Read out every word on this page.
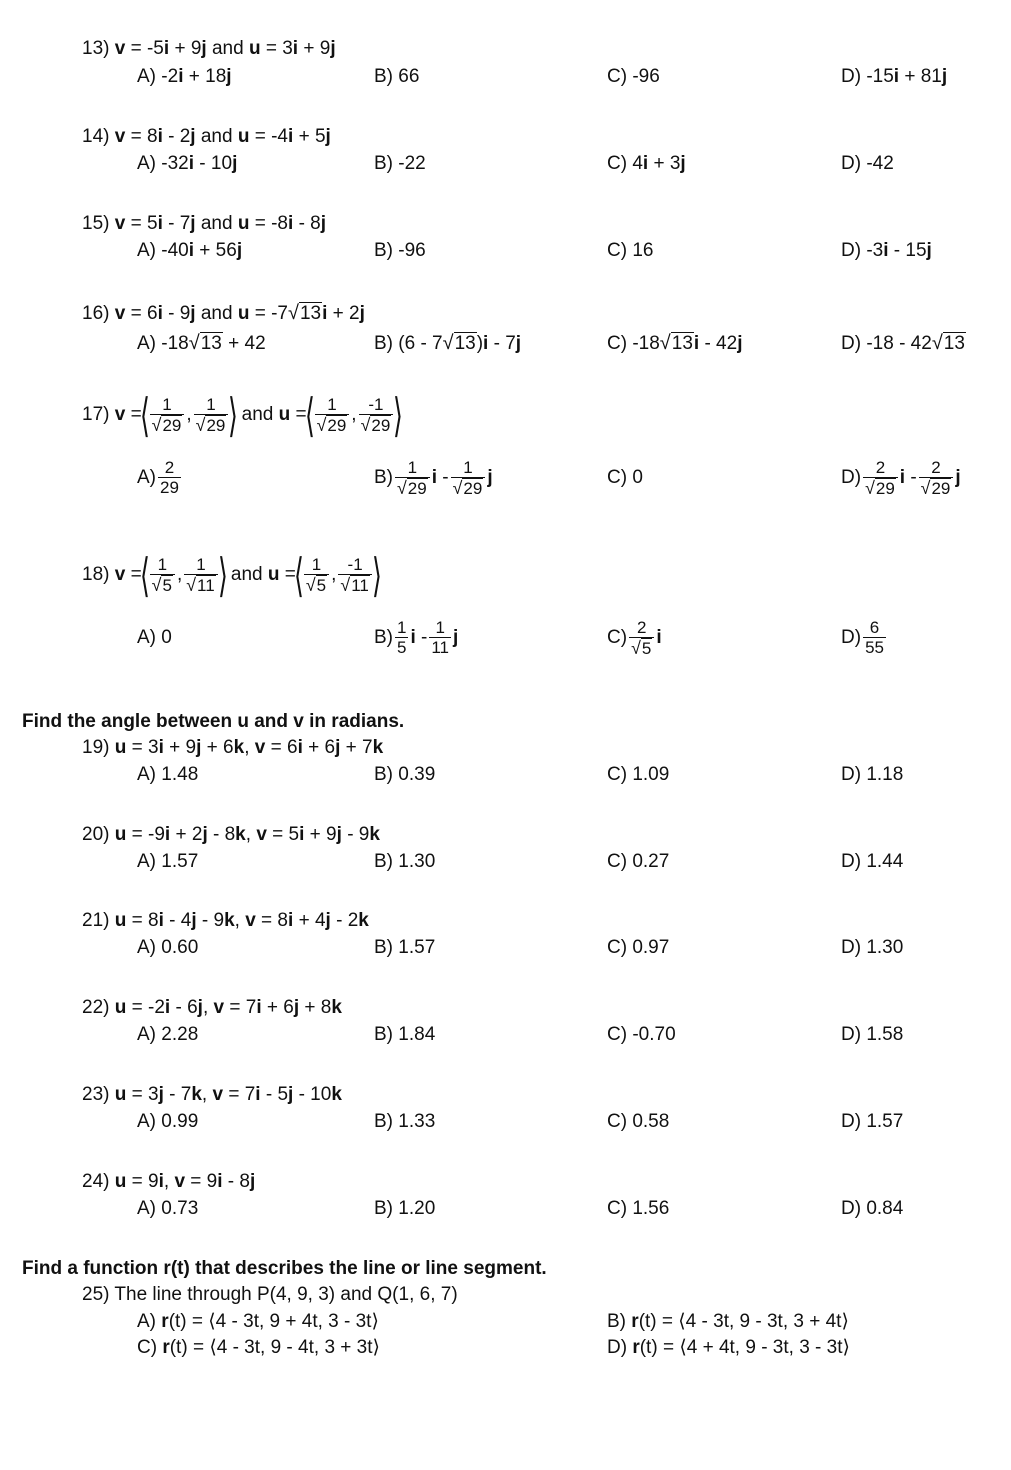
13) v = -5i + 9j and u = 3i + 9j
A) -2i + 18j	B) 66	C) -96	D) -15i + 81j
14) v = 8i - 2j and u = -4i + 5j
A) -32i - 10j	B) -22	C) 4i + 3j	D) -42
15) v = 5i - 7j and u = -8i - 8j
A) -40i + 56j	B) -96	C) 16	D) -3i - 15j
16) v = 6i - 9j and u = -7√13i + 2j
A) -18√13 + 42	B) (6 - 7√13)i - 7j	C) -18√13i - 42j	D) -18 - 42√13
17) v =⟨ $\frac{1}{√29}$ , $\frac{1}{√29}$ ⟩ and u =⟨ $\frac{1}{√29}$ , $\frac{-1}{√29}$ ⟩
$A) \frac{2}{29}$	$B) \frac{1}{√29}$ i - $\frac{1}{√29}$ j	C) 0	$D) \frac{2}{√29}$ i - $\frac{2}{√29}$ j
18) v =⟨ $\frac{1}{√5}$ , $\frac{1}{√11}$ ⟩ and u =⟨ $\frac{1}{√5}$ , $\frac{-1}{√11}$ ⟩
A) 0	$B) \frac{1}{5}$ i - $\frac{1}{11}$ j	$C) \frac{2}{√5}$ i	$D) \frac{6}{55}$
Find the angle between u and v in radians.
19) u = 3i + 9j + 6k, v = 6i + 6j + 7k
A) 1.48	B) 0.39	C) 1.09	D) 1.18
20) u = -9i + 2j - 8k, v = 5i + 9j - 9k
A) 1.57	B) 1.30	C) 0.27	D) 1.44
21) u = 8i - 4j - 9k, v = 8i + 4j - 2k
A) 0.60	B) 1.57	C) 0.97	D) 1.30
22) u = -2i - 6j, v = 7i + 6j + 8k
A) 2.28	B) 1.84	C) -0.70	D) 1.58
23) u = 3j - 7k, v = 7i - 5j - 10k
A) 0.99	B) 1.33	C) 0.58	D) 1.57
24) u = 9i, v = 9i - 8j
A) 0.73	B) 1.20	C) 1.56	D) 0.84
Find a function r(t) that describes the line or line segment.
25) The line through P(4, 9, 3) and Q(1, 6, 7)
A) r(t) = ⟨4 - 3t, 9 + 4t, 3 - 3t⟩	B) r(t) = ⟨4 - 3t, 9 - 3t, 3 + 4t⟩
C) r(t) = ⟨4 - 3t, 9 - 4t, 3 + 3t⟩	D) r(t) = ⟨4 + 4t, 9 - 3t, 3 - 3t⟩
